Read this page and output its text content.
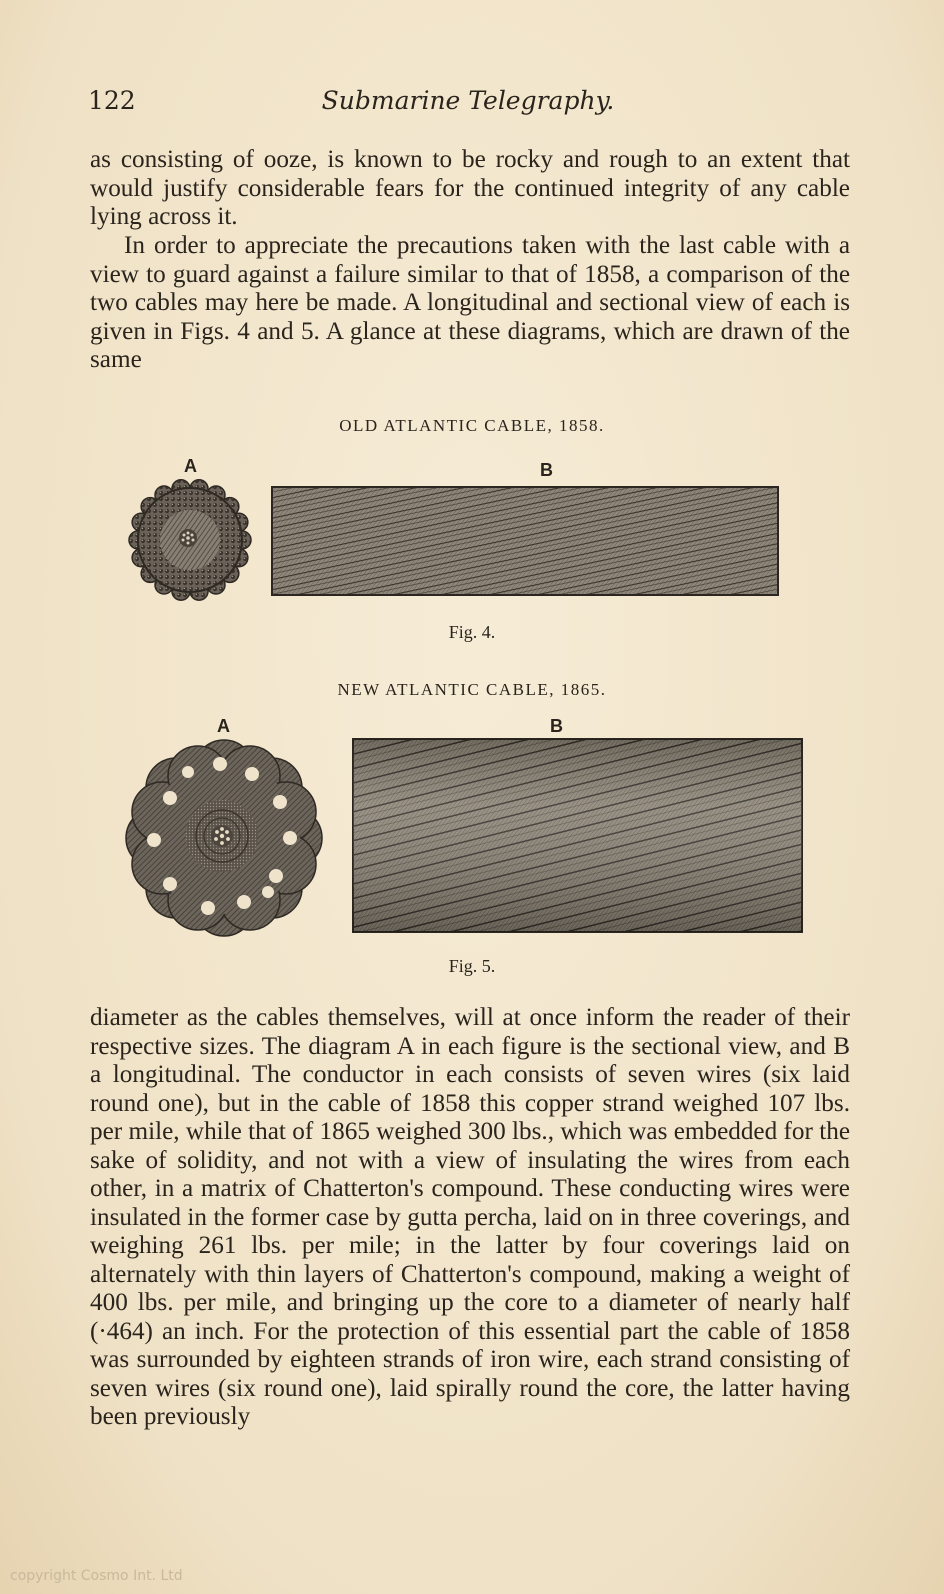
122	Submarine Telegraphy.

as consisting of ooze, is known to be rocky and rough to an extent that would justify considerable fears for the continued integrity of any cable lying across it.

In order to appreciate the precautions taken with the last cable with a view to guard against a failure similar to that of 1858, a comparison of the two cables may here be made. A longitudinal and sectional view of each is given in Figs. 4 and 5. A glance at these diagrams, which are drawn of the same

OLD ATLANTIC CABLE, 1858.
A	B
Fig. 4.
NEW ATLANTIC CABLE, 1865.
A	B
Fig. 5.

diameter as the cables themselves, will at once inform the reader of their respective sizes. The diagram A in each figure is the sectional view, and B a longitudinal. The conductor in each consists of seven wires (six laid round one), but in the cable of 1858 this copper strand weighed 107 lbs. per mile, while that of 1865 weighed 300 lbs., which was embedded for the sake of solidity, and not with a view of insulating the wires from each other, in a matrix of Chatterton's compound. These conducting wires were insulated in the former case by gutta percha, laid on in three coverings, and weighing 261 lbs. per mile; in the latter by four coverings laid on alternately with thin layers of Chatterton's compound, making a weight of 400 lbs. per mile, and bringing up the core to a diameter of nearly half (·464) an inch. For the protection of this essential part the cable of 1858 was surrounded by eighteen strands of iron wire, each strand consisting of seven wires (six round one), laid spirally round the core, the latter having been previously

copyright Cosmo Int. Ltd
